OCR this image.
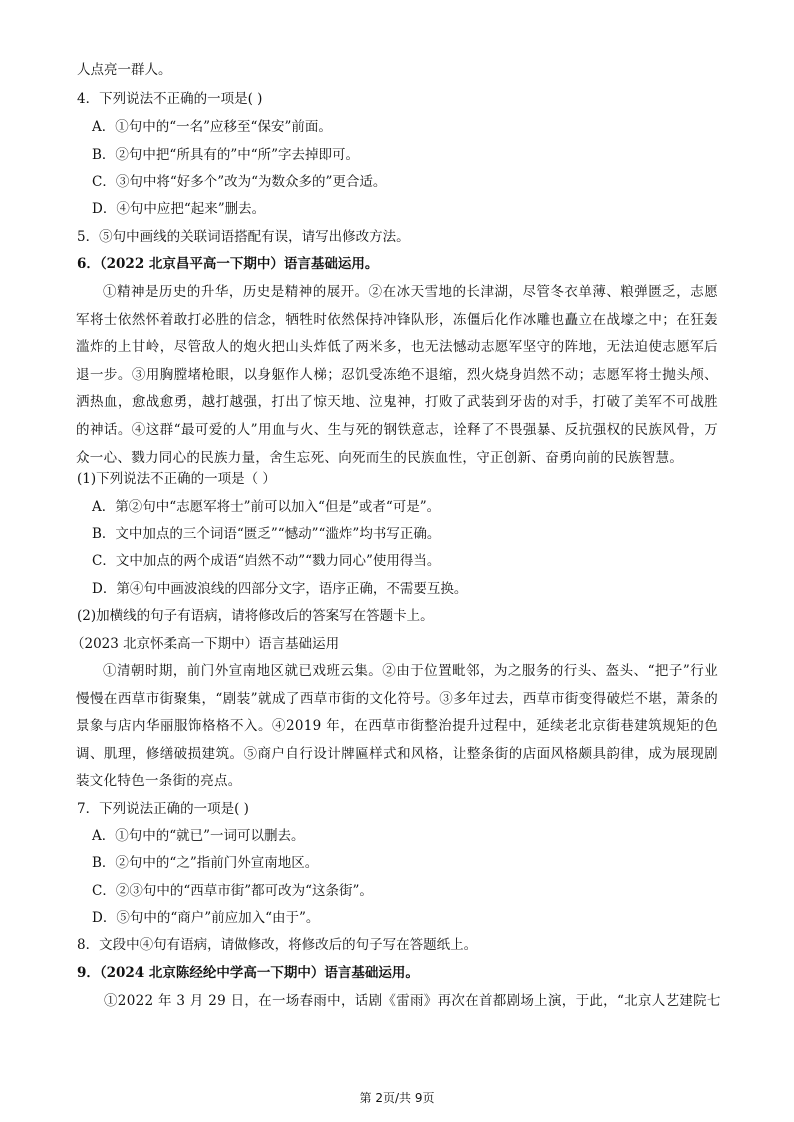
人点亮一群人。
4．下列说法不正确的一项是( )
A．①句中的“一名”应移至“保安”前面。
B．②句中把“所具有的”中“所”字去掉即可。
C．③句中将“好多个”改为“为数众多的”更合适。
D．④句中应把“起来”删去。
5．⑤句中画线的关联词语搭配有误，请写出修改方法。
6．（2022 北京昌平高一下期中）语言基础运用。
①精神是历史的升华，历史是精神的展开。②在冰天雪地的长津湖，尽管冬衣单薄、粮弹匮乏，志愿军将士依然怀着敢打必胜的信念，牺牲时依然保持冲锋队形，冻僵后化作冰雕也矗立在战壕之中；在狂轰滥炸的上甘岭，尽管敌人的炮火把山头炸低了两米多，也无法憾动志愿军坚守的阵地，无法迫使志愿军后退一步。③用胸膛堵枪眼，以身躯作人梯；忍饥受冻绝不退缩，烈火烧身岿然不动；志愿军将士抛头颅、洒热血，愈战愈勇，越打越强，打出了惊天地、泣鬼神，打败了武装到牙齿的对手，打破了美军不可战胜的神话。④这群“最可爱的人”用血与火、生与死的钢铁意志，诠释了不畏强暴、反抗强权的民族风骨，万众一心、戮力同心的民族力量，舍生忘死、向死而生的民族血性，守正创新、奋勇向前的民族智慧。
(1)下列说法不正确的一项是（ ）
A．第②句中“志愿军将士”前可以加入“但是”或者“可是”。
B．文中加点的三个词语“匮乏”“憾动”“滥炸”均书写正确。
C．文中加点的两个成语“岿然不动”“戮力同心”使用得当。
D．第④句中画波浪线的四部分文字，语序正确，不需要互换。
(2)加横线的句子有语病，请将修改后的答案写在答题卡上。
（2023 北京怀柔高一下期中）语言基础运用
①清朝时期，前门外宣南地区就已戏班云集。②由于位置毗邻，为之服务的行头、盔头、“把子”行业慢慢在西草市街聚集，“剧装”就成了西草市街的文化符号。③多年过去，西草市街变得破烂不堪，萧条的景象与店内华丽服饰格格不入。④2019 年，在西草市街整治提升过程中，延续老北京街巷建筑规矩的色调、肌理，修缮破损建筑。⑤商户自行设计牌匾样式和风格，让整条街的店面风格颇具韵律，成为展现剧装文化特色一条街的亮点。
7．下列说法正确的一项是( )
A．①句中的“就已”一词可以删去。
B．②句中的“之”指前门外宣南地区。
C．②③句中的“西草市街”都可改为“这条街”。
D．⑤句中的“商户”前应加入“由于”。
8．文段中④句有语病，请做修改，将修改后的句子写在答题纸上。
9．（2024 北京陈经纶中学高一下期中）语言基础运用。
①2022 年 3 月 29 日，在一场春雨中，话剧《雷雨》再次在首都剧场上演，于此，“北京人艺建院七
第 2页/共 9页
